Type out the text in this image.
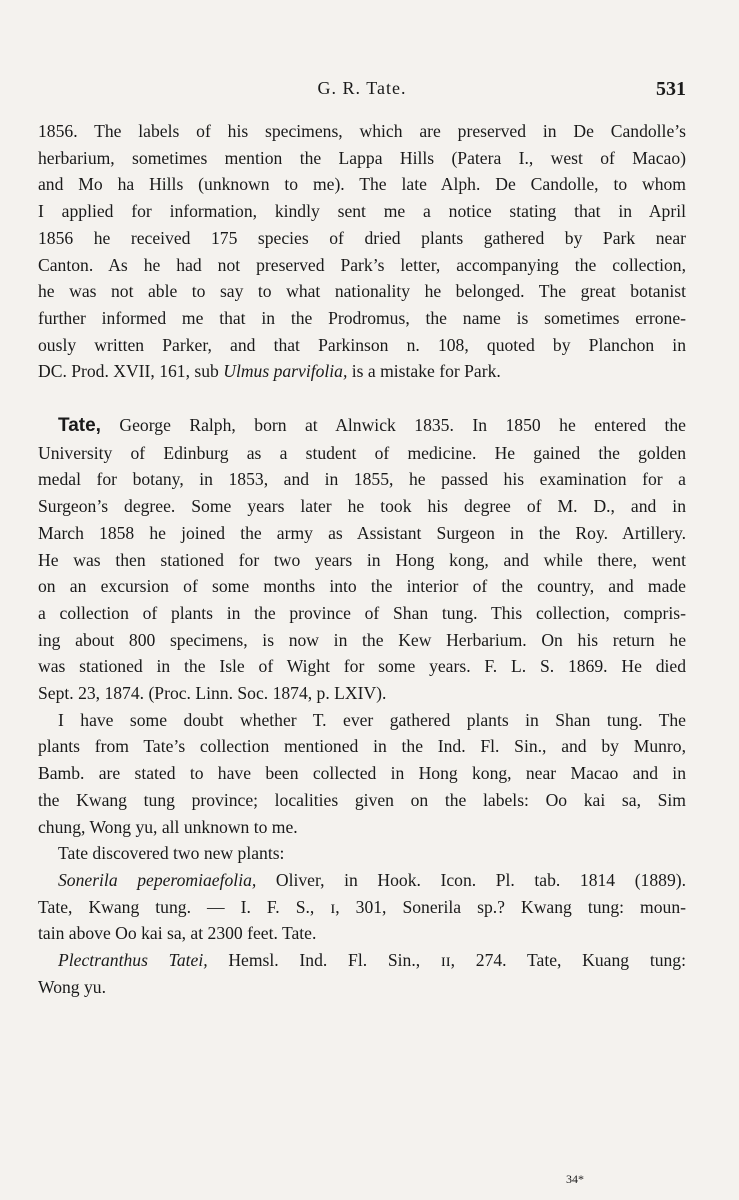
G. R. Tate.	531
1856. The labels of his specimens, which are preserved in De Candolle’s
herbarium, sometimes mention the Lappa Hills (Patera I., west of Macao)
and Mo ha Hills (unknown to me). The late Alph. De Candolle, to whom
I applied for information, kindly sent me a notice stating that in April
1856 he received 175 species of dried plants gathered by Park near
Canton. As he had not preserved Park’s letter, accompanying the collection,
he was not able to say to what nationality he belonged. The great botanist
further informed me that in the Prodromus, the name is sometimes errone-
ously written Parker, and that Parkinson n. 108, quoted by Planchon in
DC. Prod. XVII, 161, sub Ulmus parvifolia, is a mistake for Park.
Tate, George Ralph, born at Alnwick 1835. In 1850 he entered the
University of Edinburg as a student of medicine. He gained the golden
medal for botany, in 1853, and in 1855, he passed his examination for a
Surgeon’s degree. Some years later he took his degree of M. D., and in
March 1858 he joined the army as Assistant Surgeon in the Roy. Artillery.
He was then stationed for two years in Hong kong, and while there, went
on an excursion of some months into the interior of the country, and made
a collection of plants in the province of Shan tung. This collection, compris-
ing about 800 specimens, is now in the Kew Herbarium. On his return he
was stationed in the Isle of Wight for some years. F. L. S. 1869. He died
Sept. 23, 1874. (Proc. Linn. Soc. 1874, p. LXIV).
I have some doubt whether T. ever gathered plants in Shan tung. The
plants from Tate’s collection mentioned in the Ind. Fl. Sin., and by Munro,
Bamb. are stated to have been collected in Hong kong, near Macao and in
the Kwang tung province; localities given on the labels: Oo kai sa, Sim
chung, Wong yu, all unknown to me.
Tate discovered two new plants:
Sonerila peperomiaefolia, Oliver, in Hook. Icon. Pl. tab. 1814 (1889).
Tate, Kwang tung. — I. F. S., ɪ, 301, Sonerila sp.? Kwang tung: moun-
tain above Oo kai sa, at 2300 feet. Tate.
Plectranthus Tatei, Hemsl. Ind. Fl. Sin., ɪɪ, 274. Tate, Kuang tung:
Wong yu.
34*
